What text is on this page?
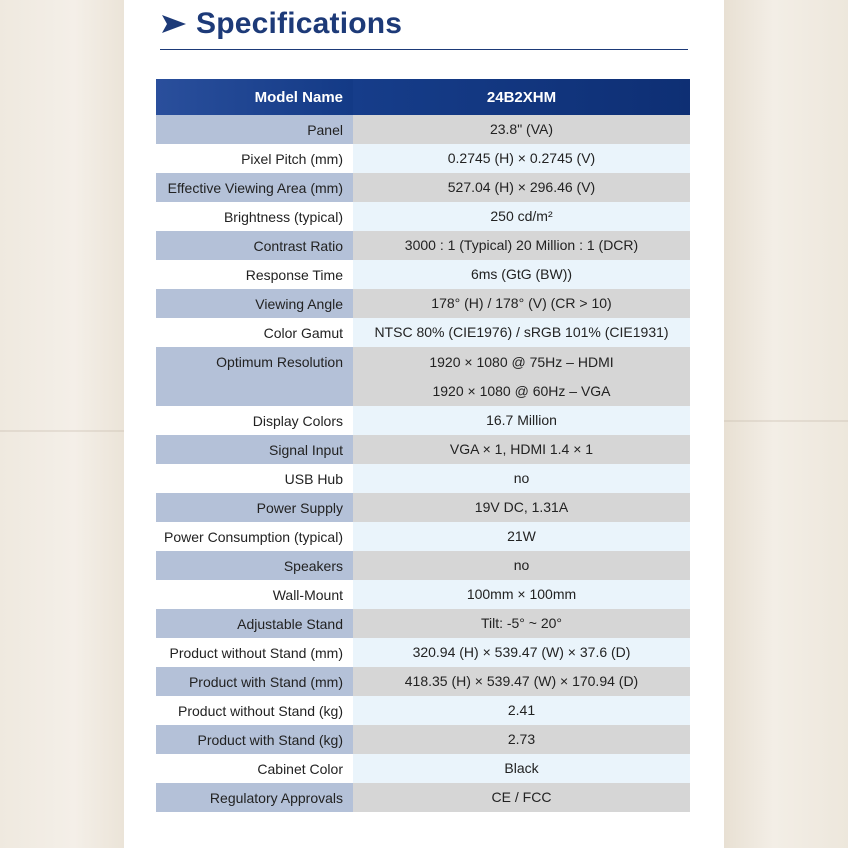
Specifications
Model Name	24B2XHM
Panel	23.8" (VA)

Pixel Pitch (mm)	0.2745 (H) × 0.2745 (V)

Effective Viewing Area (mm)	527.04 (H) × 296.46 (V)

Brightness (typical)	250 cd/m²

Contrast Ratio	3000 : 1 (Typical) 20 Million : 1 (DCR)

Response Time	6ms (GtG (BW))

Viewing Angle	178° (H) / 178° (V) (CR > 10)

Color Gamut	NTSC 80% (CIE1976) / sRGB 101% (CIE1931)

Optimum Resolution	1920 × 1080 @ 75Hz – HDMI
1920 × 1080 @ 60Hz – VGA

Display Colors	16.7 Million

Signal Input	VGA × 1, HDMI 1.4 × 1

USB Hub	no

Power Supply	19V DC, 1.31A

Power Consumption (typical)	21W

Speakers	no

Wall-Mount	100mm × 100mm

Adjustable Stand	Tilt: -5° ~ 20°

Product without Stand (mm)	320.94 (H) × 539.47 (W) × 37.6 (D)

Product with Stand (mm)	418.35 (H) × 539.47 (W) × 170.94 (D)

Product without Stand (kg)	2.41

Product with Stand (kg)	2.73

Cabinet Color	Black

Regulatory Approvals	CE / FCC
